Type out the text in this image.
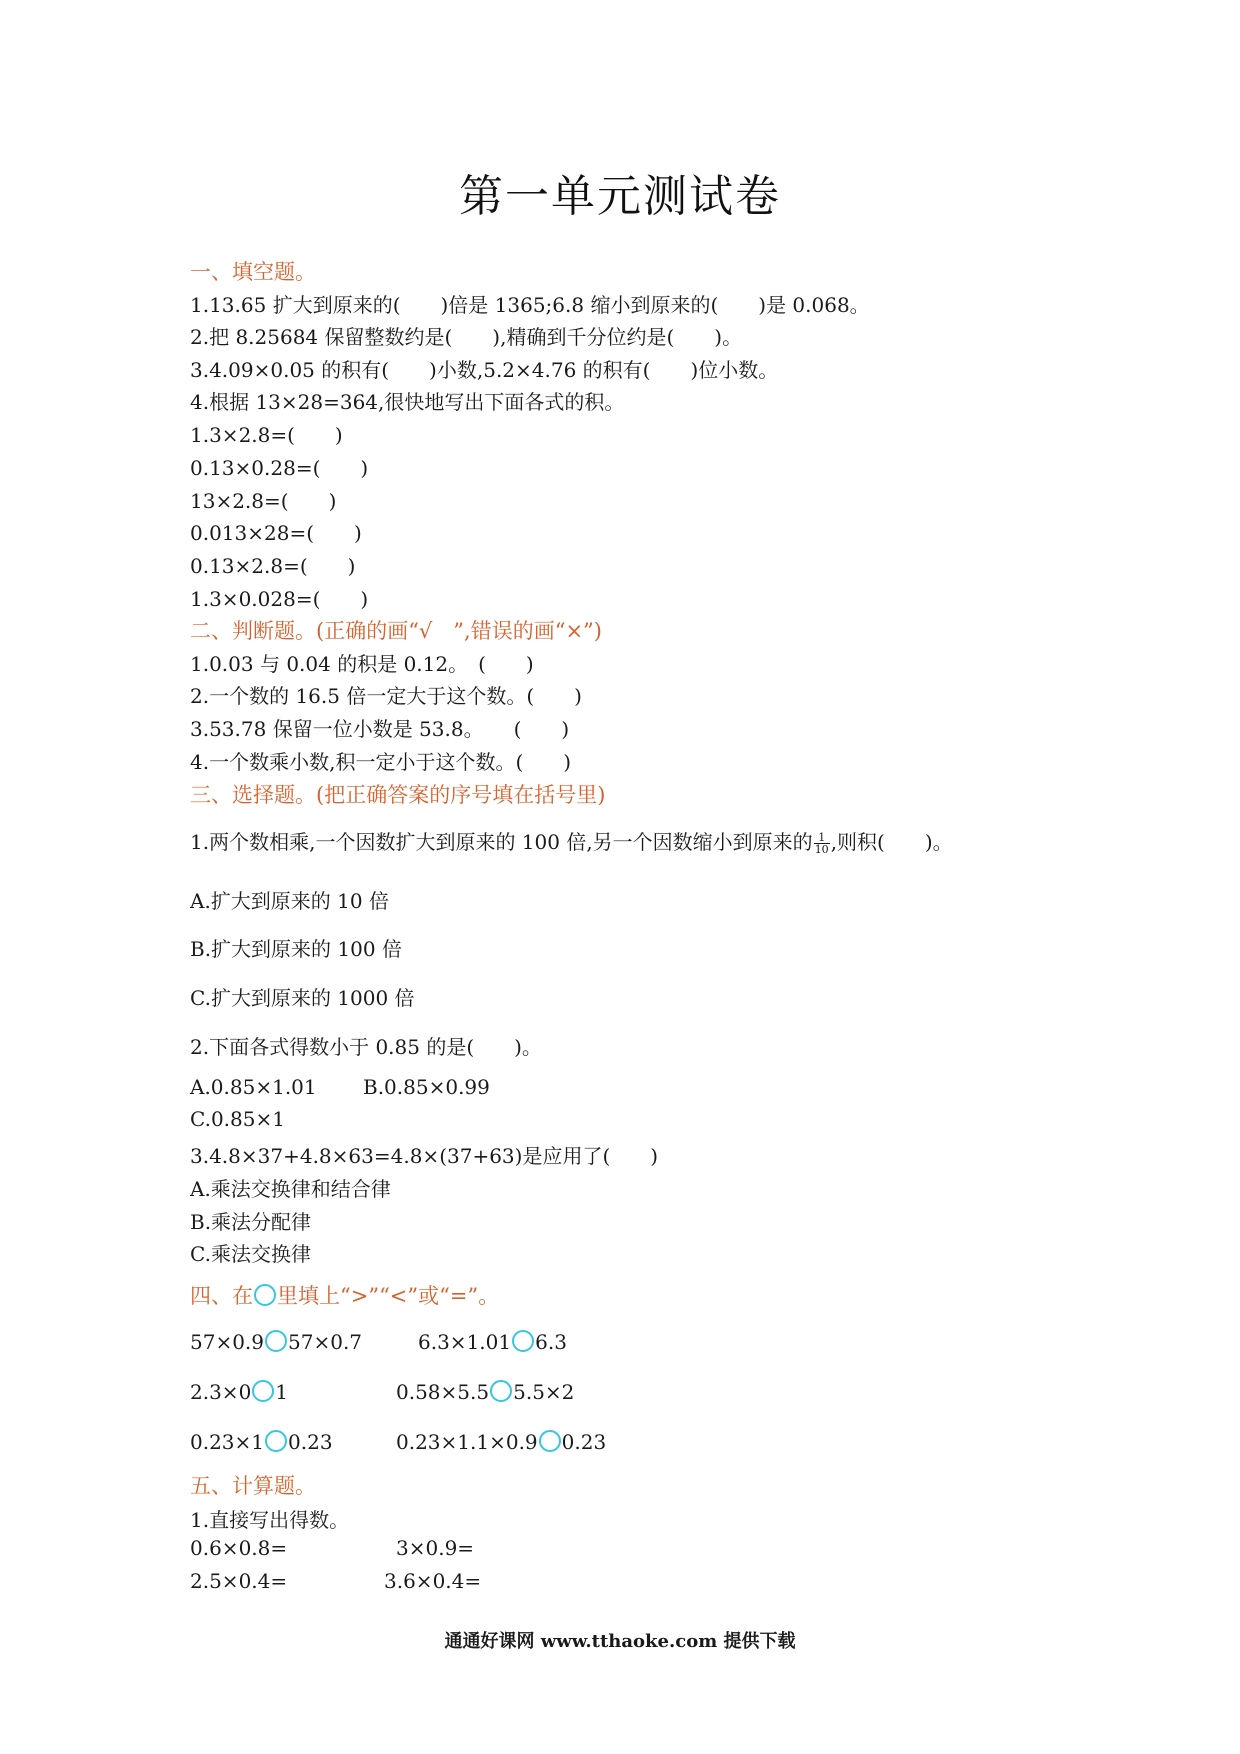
第一单元测试卷
一、填空题。
1.13.65 扩大到原来的(　　)倍是 1365;6.8 缩小到原来的(　　)是 0.068。
2.把 8.25684 保留整数约是(　　),精确到千分位约是(　　)。
3.4.09×0.05 的积有(　　)小数,5.2×4.76 的积有(　　)位小数。
4.根据 13×28=364,很快地写出下面各式的积。
1.3×2.8=(　　)
0.13×0.28=(　　)
13×2.8=(　　)
0.013×28=(　　)
0.13×2.8=(　　)
1.3×0.028=(　　)
二、判断题。(正确的画“√　”,错误的画“×”)
1.0.03 与 0.04 的积是 0.12。　(　　)
2.一个数的 16.5 倍一定大于这个数。(　　)
3.53.78 保留一位小数是 53.8。　　(　　)
4.一个数乘小数,积一定小于这个数。(　　)
三、选择题。(把正确答案的序号填在括号里)
1.两个数相乘,一个因数扩大到原来的 100 倍,另一个因数缩小到原来的 $\frac{1}{10}$ ,则积(　　)。
A.扩大到原来的 10 倍
B.扩大到原来的 100 倍
C.扩大到原来的 1000 倍
2.下面各式得数小于 0.85 的是(　　)。
A.0.85×1.01 B.0.85×0.99
C.0.85×1
3.4.8×37+4.8×63=4.8×(37+63)是应用了(　　)
A.乘法交换律和结合律
B.乘法分配律
C.乘法交换律
四、在 里填上“>”“<”或“=”。
57×0.9 57×0.7	6.3×1.01 6.3
2.3×0 1	0.58×5.5 5.5×2
0.23×1 0.23	0.23×1.1×0.9 0.23
五、计算题。
1.直接写出得数。
0.6×0.8=	3×0.9=
2.5×0.4=	3.6×0.4=
通通好课网 www.tthaoke.com 提供下载
